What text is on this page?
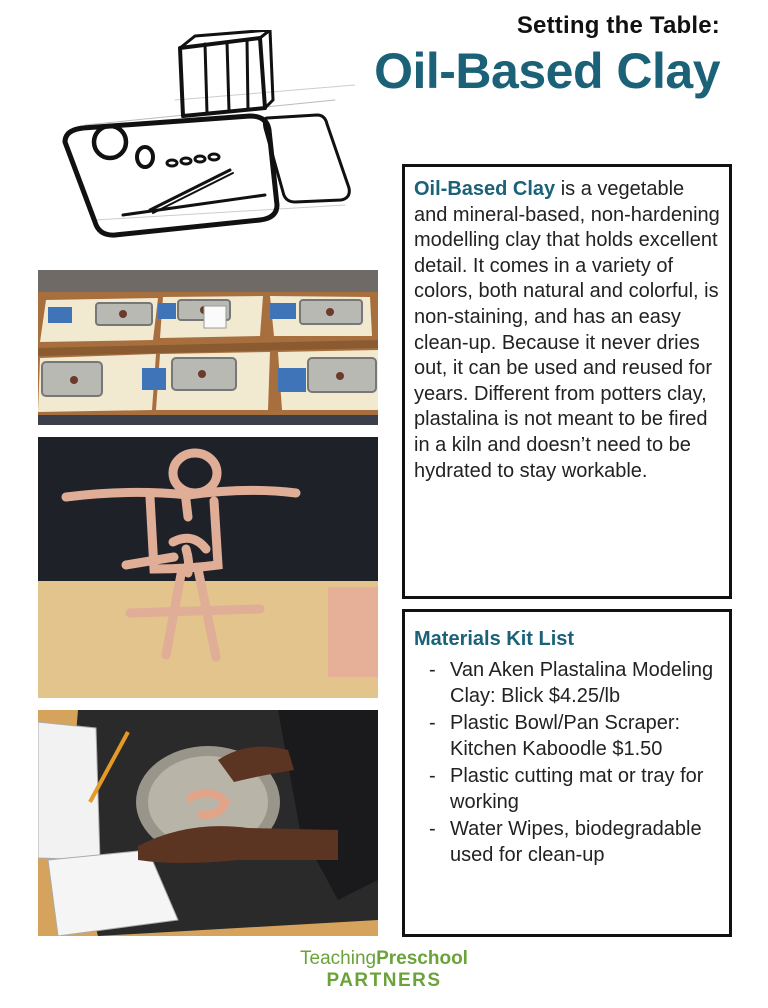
Setting the Table:
Oil-Based Clay

Oil-Based Clay is a vegetable and mineral-based, non-hardening modelling clay that holds excellent detail. It comes in a variety of colors, both natural and colorful, is non-staining, and has an easy clean-up. Because it never dries out, it can be used and reused for years. Different from potters clay, plastalina is not meant to be fired in a kiln and doesn’t need to be hydrated to stay workable.

Materials Kit List
- Van Aken Plastalina Modeling Clay: Blick $4.25/lb
- Plastic Bowl/Pan Scraper: Kitchen Kaboodle $1.50
- Plastic cutting mat or tray for working
- Water Wipes, biodegradable used for clean-up
TeachingPreschool
PARTNERS
